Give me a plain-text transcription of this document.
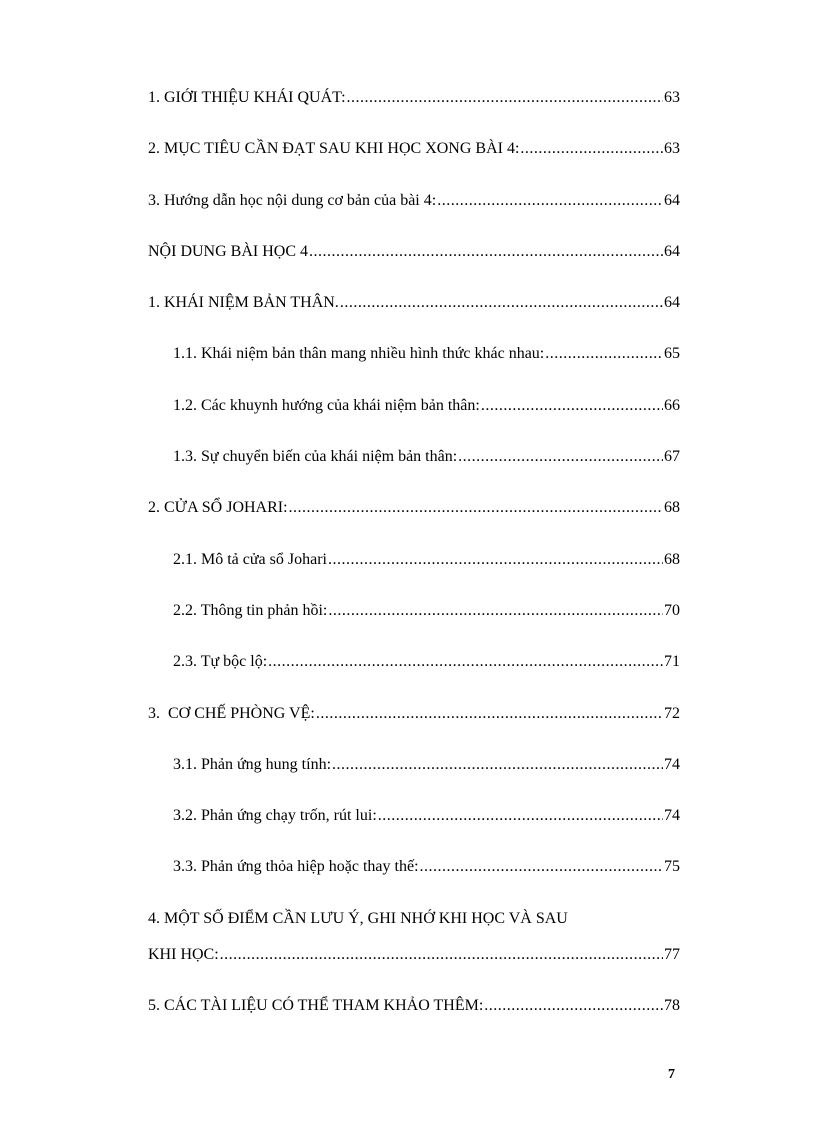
1. GIỚI THIỆU KHÁI QUÁT: .....	63
2. MỤC TIÊU CẦN ĐẠT SAU KHI HỌC XONG BÀI 4: .....	63
3. Hướng dẫn học nội dung cơ bản của bài 4: .....	64
NỘI DUNG BÀI HỌC 4 .....	64
1. KHÁI NIỆM BẢN THÂN. .....	64
1.1. Khái niệm bản thân mang nhiều hình thức khác nhau: .....	65
1.2. Các khuynh hướng của khái niệm bản thân: .....	66
1.3. Sự chuyển biến của khái niệm bản thân: .....	67
2. CỬA SỔ JOHARI: .....	68
2.1. Mô tả cửa sổ Johari .....	68
2.2. Thông tin phản hồi: .....	70
2.3. Tự bộc lộ: .....	71
3.  CƠ CHẾ PHÒNG VỆ: .....	72
3.1. Phản ứng hung tính: .....	74
3.2. Phản ứng chạy trốn, rút lui: .....	74
3.3. Phản ứng thỏa hiệp hoặc thay thế: .....	75
4. MỘT SỐ ĐIỂM CẦN LƯU Ý, GHI NHỚ KHI HỌC VÀ SAU
KHI HỌC: .....	77
5. CÁC TÀI LIỆU CÓ THỂ THAM KHẢO THÊM: .....	78
7
